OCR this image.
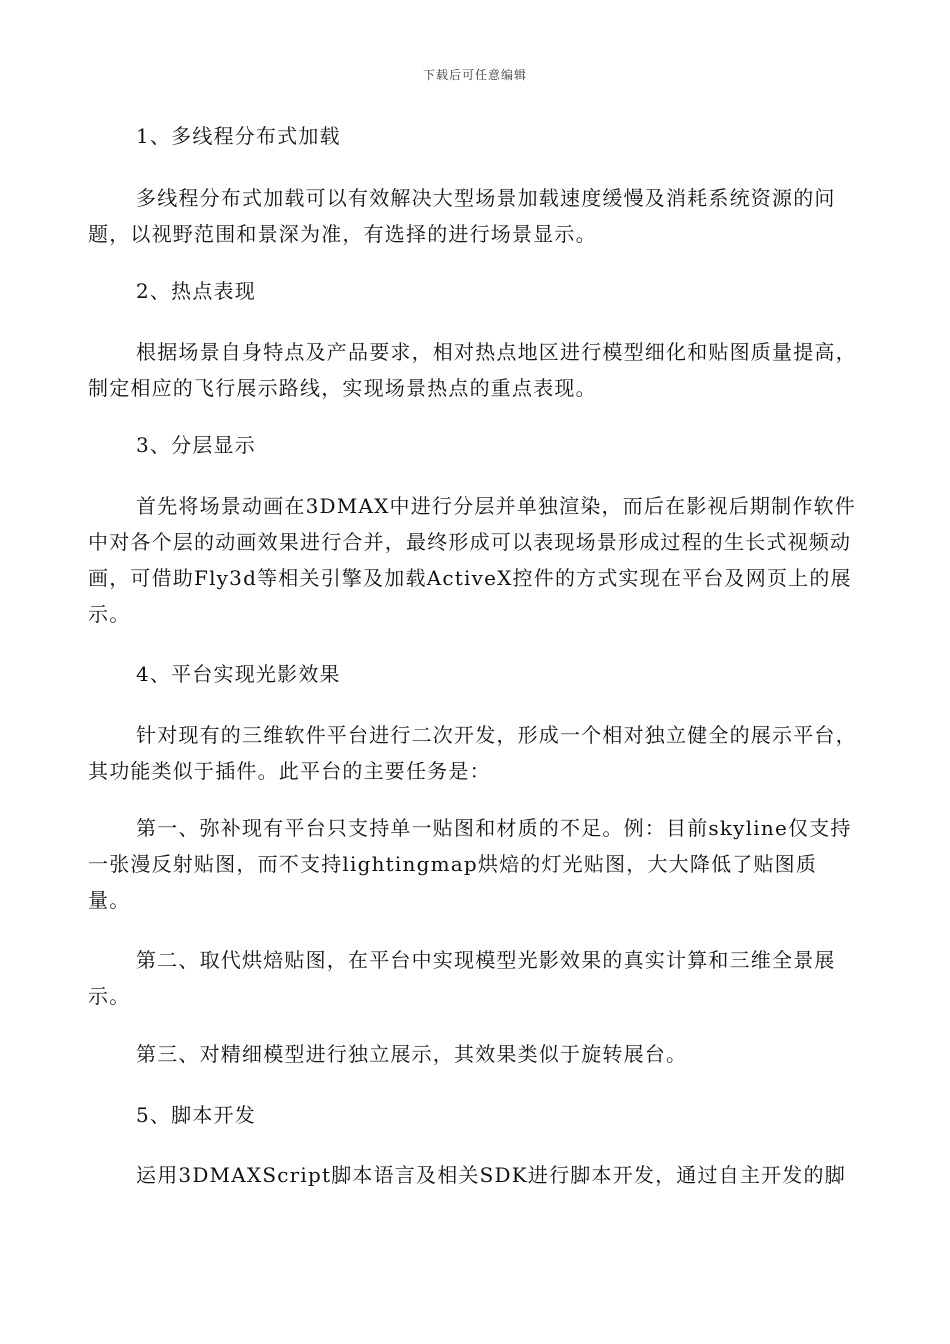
下载后可任意编辑

1、多线程分布式加载

多线程分布式加载可以有效解决大型场景加载速度缓慢及消耗系统资源的问题，以视野范围和景深为准，有选择的进行场景显示。

2、热点表现

根据场景自身特点及产品要求，相对热点地区进行模型细化和贴图质量提高，制定相应的飞行展示路线，实现场景热点的重点表现。

3、分层显示

首先将场景动画在3DMAX中进行分层并单独渲染，而后在影视后期制作软件中对各个层的动画效果进行合并，最终形成可以表现场景形成过程的生长式视频动画，可借助Fly3d等相关引擎及加载ActiveX控件的方式实现在平台及网页上的展示。

4、平台实现光影效果

针对现有的三维软件平台进行二次开发，形成一个相对独立健全的展示平台，其功能类似于插件。此平台的主要任务是：

第一、弥补现有平台只支持单一贴图和材质的不足。例：目前skyline仅支持一张漫反射贴图，而不支持lightingmap烘焙的灯光贴图，大大降低了贴图质量。

第二、取代烘焙贴图，在平台中实现模型光影效果的真实计算和三维全景展示。

第三、对精细模型进行独立展示，其效果类似于旋转展台。

5、脚本开发

运用3DMAXScript脚本语言及相关SDK进行脚本开发，通过自主开发的脚
